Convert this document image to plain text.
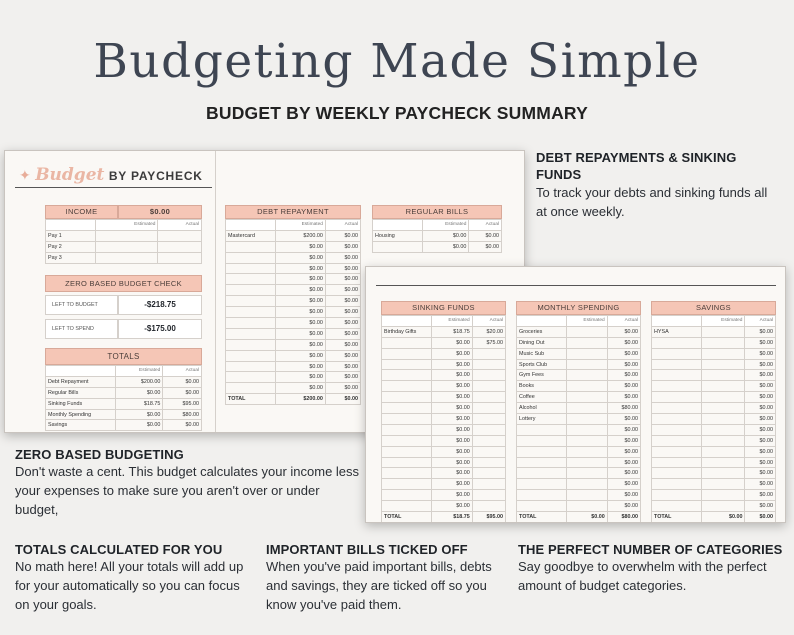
Budgeting Made Simple
BUDGET BY WEEKLY PAYCHECK SUMMARY
✦ Budget BY PAYCHECK
INCOME	$0.00
	Estimated	Actual
Pay 1		
Pay 2		
Pay 3		
ZERO BASED BUDGET CHECK
LEFT TO BUDGET	-$218.75
LEFT TO SPEND	-$175.00
TOTALS
	Estimated	Actual
Debt Repayment	$200.00	$0.00
Regular Bills	$0.00	$0.00
Sinking Funds	$18.75	$95.00
Monthly Spending	$0.00	$80.00
Savings	$0.00	$0.00
DEBT REPAYMENT
	Estimated	Actual
Mastercard	$200.00	$0.00
	$0.00	$0.00
	$0.00	$0.00
	$0.00	$0.00
	$0.00	$0.00
	$0.00	$0.00
	$0.00	$0.00
	$0.00	$0.00
	$0.00	$0.00
	$0.00	$0.00
	$0.00	$0.00
	$0.00	$0.00
	$0.00	$0.00
	$0.00	$0.00
	$0.00	$0.00
TOTAL	$200.00	$0.00
REGULAR BILLS
	Estimated	Actual
Housing	$0.00	$0.00
	$0.00	$0.00
SINKING FUNDS
	Estimated	Actual
Birthday Gifts	$18.75	$20.00
	$0.00	$75.00
	$0.00	
	$0.00	
	$0.00	
	$0.00	
	$0.00	
	$0.00	
	$0.00	
	$0.00	
	$0.00	
	$0.00	
	$0.00	
	$0.00	
	$0.00	
	$0.00	
	$0.00	
TOTAL	$18.75	$95.00
MONTHLY SPENDING
	Estimated	Actual
Groceries		$0.00
Dining Out		$0.00
Music Sub		$0.00
Sports Club		$0.00
Gym Fees		$0.00
Books		$0.00
Coffee		$0.00
Alcohol		$80.00
Lottery		$0.00
		$0.00
		$0.00
		$0.00
		$0.00
		$0.00
		$0.00
		$0.00
		$0.00
TOTAL	$0.00	$80.00
SAVINGS
	Estimated	Actual
HYSA		$0.00
		$0.00
		$0.00
		$0.00
		$0.00
		$0.00
		$0.00
		$0.00
		$0.00
		$0.00
		$0.00
		$0.00
		$0.00
		$0.00
		$0.00
		$0.00
		$0.00
TOTAL	$0.00	$0.00
DEBT REPAYMENTS & SINKING FUNDS
To track your debts and sinking funds all at once weekly.
ZERO BASED BUDGETING
Don't waste a cent. This budget calculates your income less your expenses to make sure you aren't over or under budget,
TOTALS CALCULATED FOR YOU
No math here! All your totals will add up for your automatically so you can focus on your goals.
IMPORTANT BILLS TICKED OFF
When you've paid important bills, debts and savings, they are ticked off so you know you've paid them.
THE PERFECT NUMBER OF CATEGORIES
Say goodbye to overwhelm with the perfect amount of budget categories.
